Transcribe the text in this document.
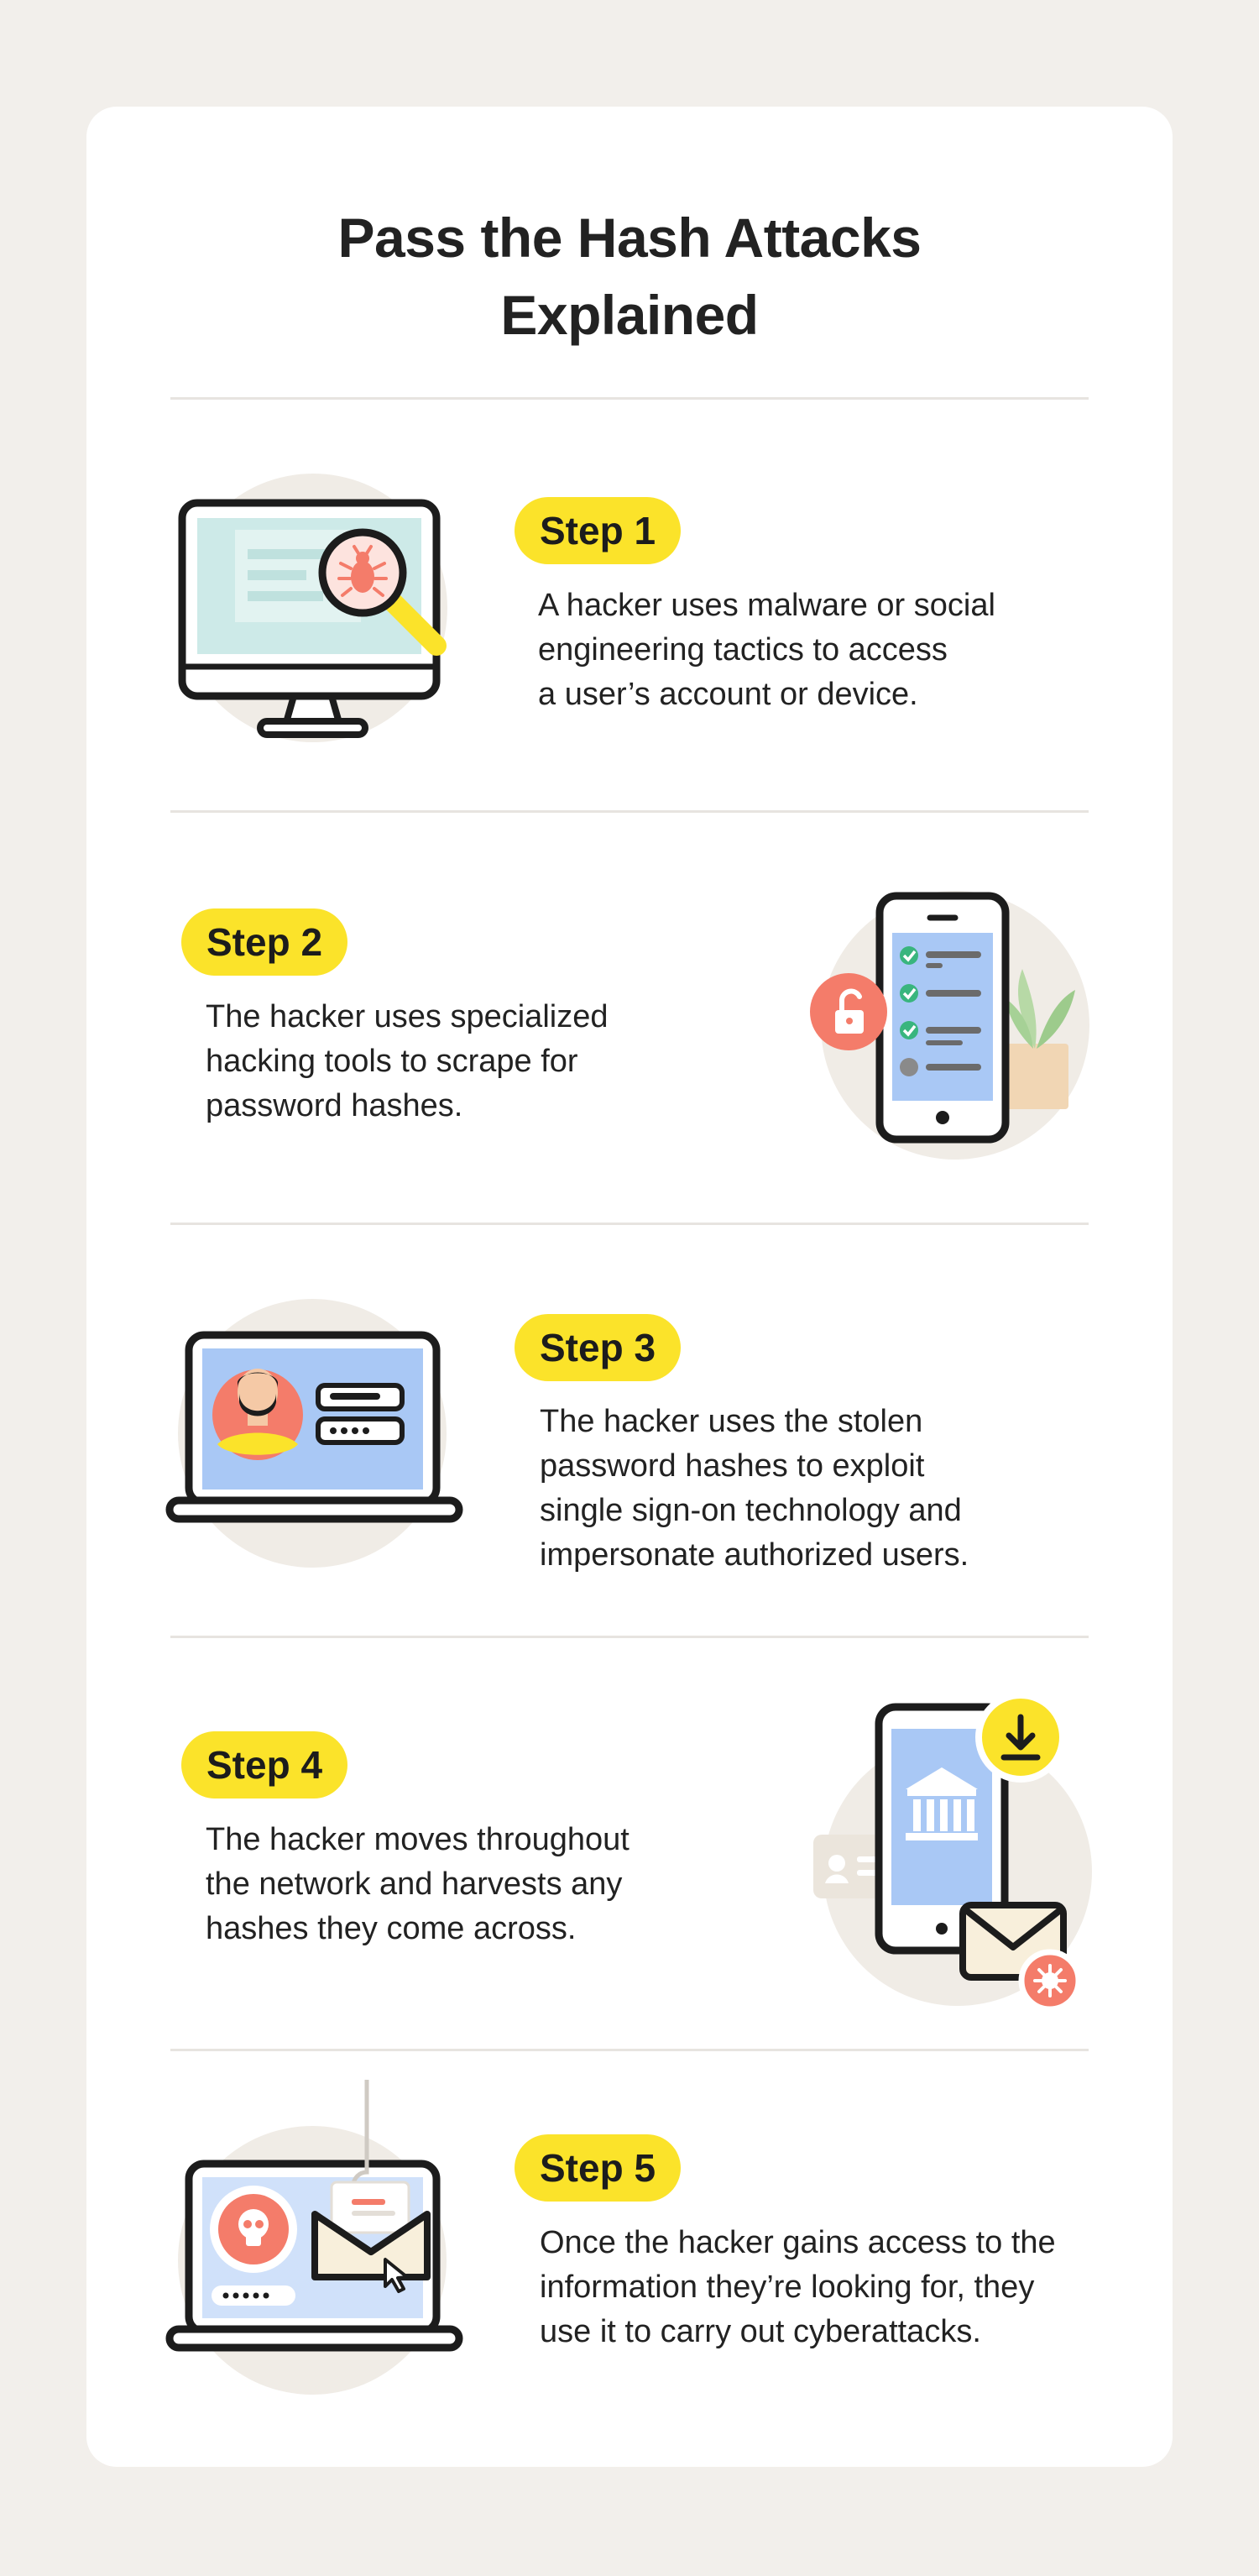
Pass the Hash Attacks
Explained
Step 1
A hacker uses malware or social
engineering tactics to access
a user’s account or device.
Step 2
The hacker uses specialized
hacking tools to scrape for
password hashes.
Step 3
The hacker uses the stolen
password hashes to exploit
single sign-on technology and
impersonate authorized users.
Step 4
The hacker moves throughout
the network and harvests any
hashes they come across.
Step 5
Once the hacker gains access to the
information they’re looking for, they
use it to carry out cyberattacks.
